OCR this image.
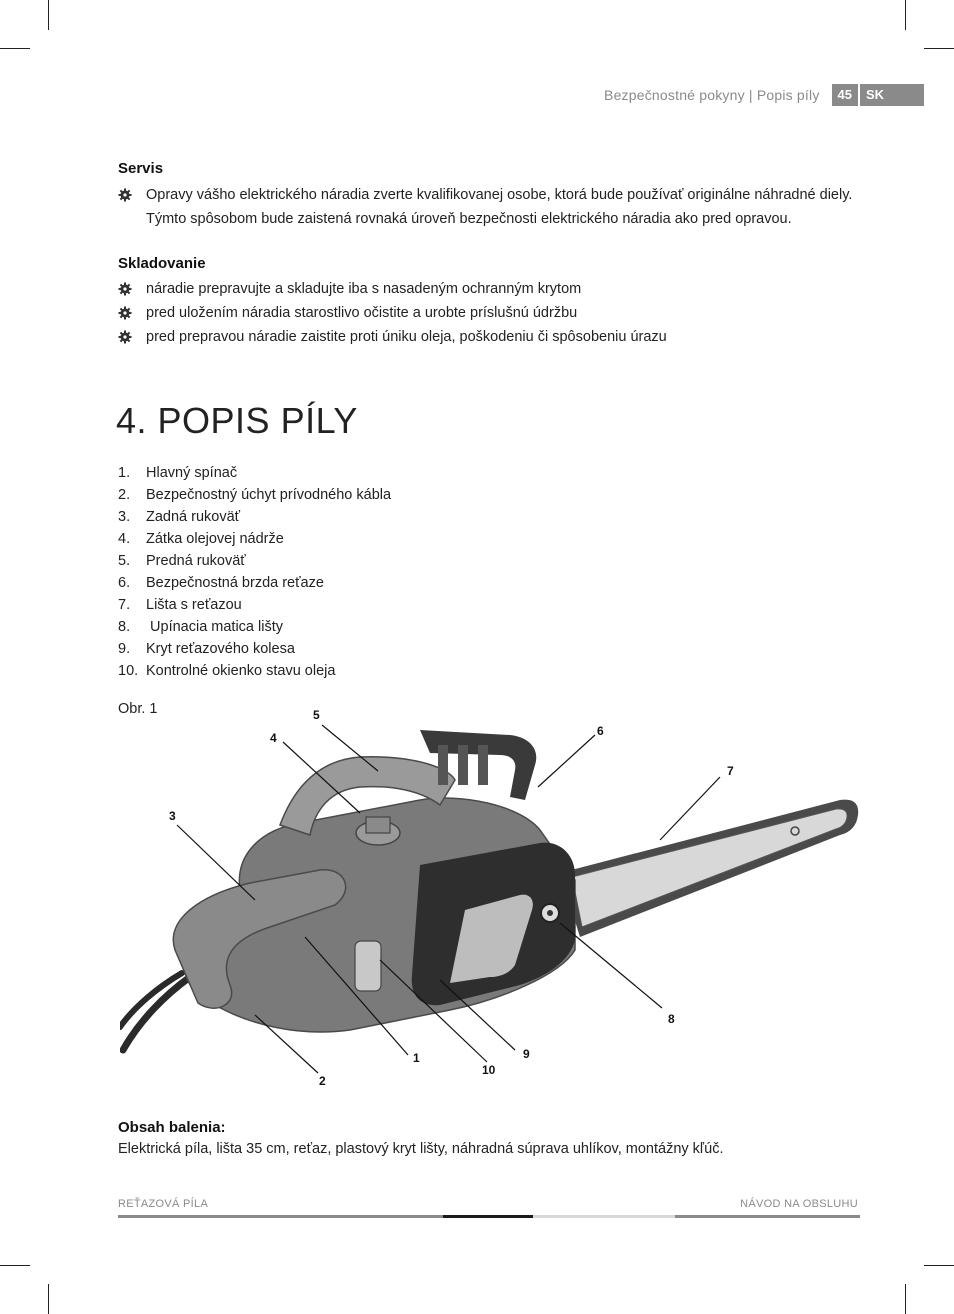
Bezpečnostné pokyny | Popis píly	45	SK
Servis
Opravy vášho elektrického náradia zverte kvalifikovanej osobe, ktorá bude používať originálne náhradné diely. Týmto spôsobom bude zaistená rovnaká úroveň bezpečnosti elektrického náradia ako pred opravou.
Skladovanie
náradie prepravujte a skladujte iba s nasadeným ochranným krytom
pred uložením náradia starostlivo očistite a urobte príslušnú údržbu
pred prepravou náradie zaistite proti úniku oleja, poškodeniu či spôsobeniu úrazu
4. POPIS PÍLY
1.	Hlavný spínač
2.	Bezpečnostný úchyt prívodného kábla
3.	Zadná rukoväť
4.	Zátka olejovej nádrže
5.	Predná rukoväť
6.	Bezpečnostná brzda reťaze
7.	Lišta s reťazou
8.	Upínacia matica lišty
9.	Kryt reťazového kolesa
10. Kontrolné okienko stavu oleja
Obr. 1
1
2
3
4
5
6
7
8
9
10
Obsah balenia:
Elektrická píla, lišta 35 cm, reťaz, plastový kryt lišty, náhradná súprava uhlíkov, montážny kľúč.
REŤAZOVÁ PÍLA	NÁVOD NA OBSLUHU
